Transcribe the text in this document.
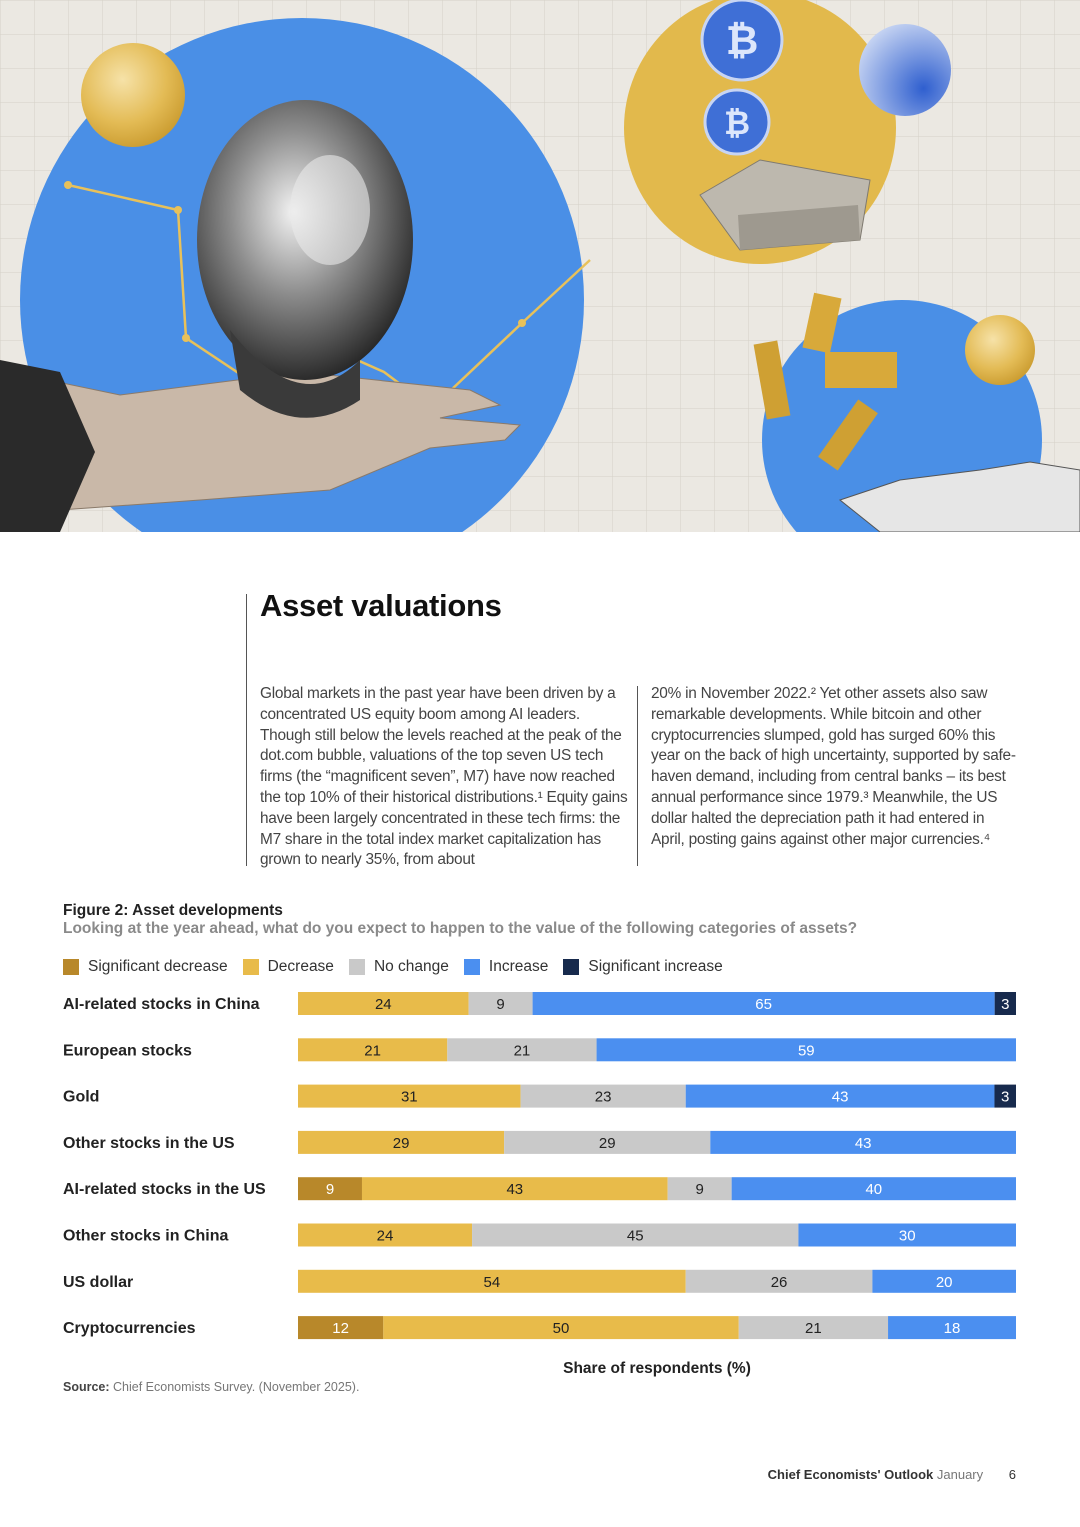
₿
₿
Asset valuations

Global markets in the past year have been driven by a concentrated US equity boom among AI leaders. Though still below the levels reached at the peak of the dot.com bubble, valuations of the top seven US tech firms (the “magnificent seven”, M7) have now reached the top 10% of their historical distributions.¹ Equity gains have been largely concentrated in these tech firms: the M7 share in the total index market capitalization has grown to nearly 35%, from about

20% in November 2022.² Yet other assets also saw remarkable developments. While bitcoin and other cryptocurrencies slumped, gold has surged 60% this year on the back of high uncertainty, supported by safe-haven demand, including from central banks – its best annual performance since 1979.³ Meanwhile, the US dollar halted the depreciation path it had entered in April, posting gains against other major currencies.⁴

Figure 2: Asset developments
Looking at the year ahead, what do you expect to happen to the value of the following categories of assets?
Significant decrease	Decrease	No change	Increase	Significant increase
AI-related stocks in China	24	9	65	3
European stocks	21	21	59
Gold	31	23	43	3
Other stocks in the US	29	29	43
AI-related stocks in the US	9	43	9	40
Other stocks in China	24	45	30
US dollar	54	26	20
Cryptocurrencies	12	50	21	18
Share of respondents (%)
Source: Chief Economists Survey. (November 2025).
Chief Economists' Outlook January 6
